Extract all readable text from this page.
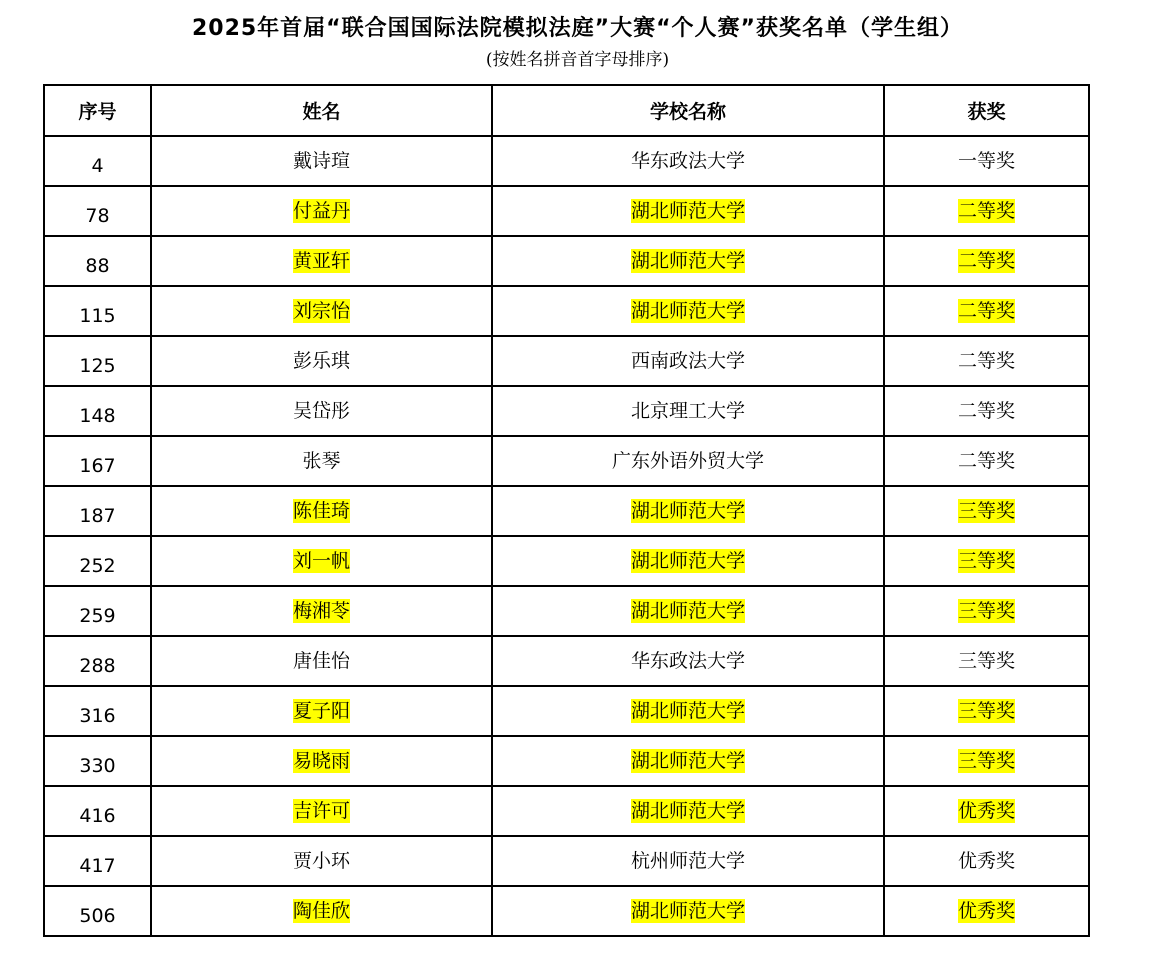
2025年首届“联合国国际法院模拟法庭”大赛“个人赛”获奖名单（学生组）
(按姓名拼音首字母排序)
序号	姓名	学校名称	获奖
4	戴诗瑄	华东政法大学	一等奖
78	付益丹	湖北师范大学	二等奖
88	黄亚轩	湖北师范大学	二等奖
115	刘宗怡	湖北师范大学	二等奖
125	彭乐琪	西南政法大学	二等奖
148	吴岱彤	北京理工大学	二等奖
167	张琴	广东外语外贸大学	二等奖
187	陈佳琦	湖北师范大学	三等奖
252	刘一帆	湖北师范大学	三等奖
259	梅湘苓	湖北师范大学	三等奖
288	唐佳怡	华东政法大学	三等奖
316	夏子阳	湖北师范大学	三等奖
330	易晓雨	湖北师范大学	三等奖
416	吉许可	湖北师范大学	优秀奖
417	贾小环	杭州师范大学	优秀奖
506	陶佳欣	湖北师范大学	优秀奖
